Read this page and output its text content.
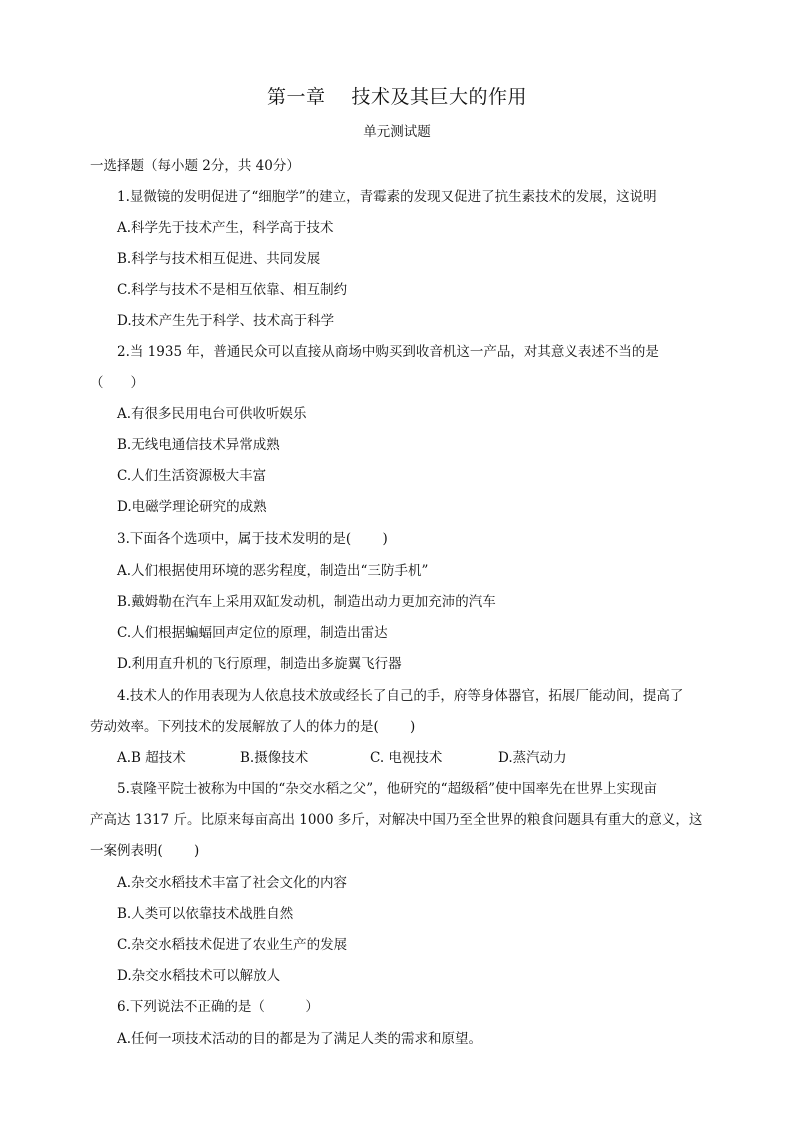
第一章　 技术及其巨大的作用
单元测试题
一选择题（每小题 2分，共 40分）
1.显微镜的发明促进了“细胞学”的建立，青霉素的发现又促进了抗生素技术的发展，这说明
A.科学先于技术产生，科学高于技术
B.科学与技术相互促进、共同发展
C.科学与技术不是相互依靠、相互制约
D.技术产生先于科学、技术高于科学
2.当 1935 年，普通民众可以直接从商场中购买到收音机这一产品，对其意义表述不当的是
（　　）
A.有很多民用电台可供收听娱乐
B.无线电通信技术异常成熟
C.人们生活资源极大丰富
D.电磁学理论研究的成熟
3.下面各个选项中，属于技术发明的是(　　 )
A.人们根据使用环境的恶劣程度，制造出“三防手机”
B.戴姆勒在汽车上采用双缸发动机，制造出动力更加充沛的汽车
C.人们根据蝙蝠回声定位的原理，制造出雷达
D.利用直升机的飞行原理，制造出多旋翼飞行器
4.技术人的作用表现为人依息技术放或经长了自己的手，府等身体器官，拓展厂能动间，提高了
劳动效率。下列技术的发展解放了人的体力的是(　　 )
A.B 超技术	B.摄像技术	C. 电视技术	D.蒸汽动力
5.袁隆平院士被称为中国的“杂交水稻之父”，他研究的“超级稻”使中国率先在世界上实现亩
产高达 1317 斤。比原来每亩高出 1000 多斤，对解决中国乃至全世界的粮食问题具有重大的意义，这
一案例表明(　　 )
A.杂交水稻技术丰富了社会文化的内容
B.人类可以依靠技术战胜自然
C.杂交水稻技术促进了农业生产的发展
D.杂交水稻技术可以解放人
6.下列说法不正确的是（　　　）
A.任何一项技术活动的目的都是为了满足人类的需求和原望。
